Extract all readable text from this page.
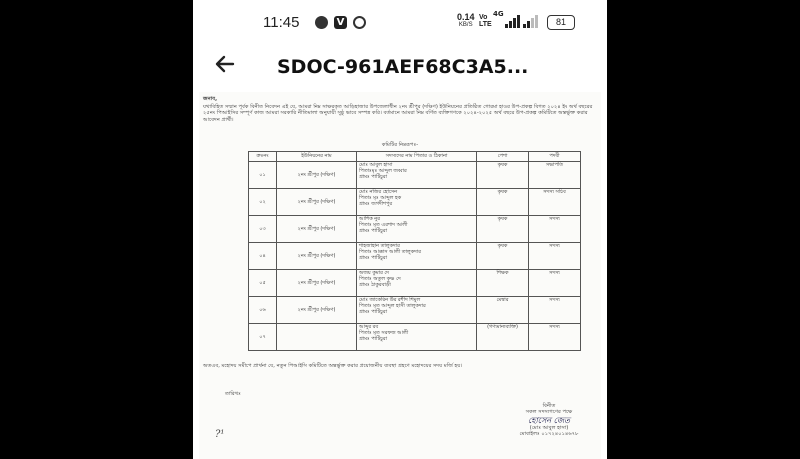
11:45	V	0.14
KB/S
Vo LTE
4G
81
SDOC-961AEF68C3A5...

জনাব,

যথাবিহিত সম্মান পূর্বক বিনীত নিবেদন এই যে, আমরা নিম্ন সাক্ষরকৃত আড়িহাজার উপজেলাধীন ২নং শ্রীপুর (দক্ষিণ) ইউনিয়নের প্রতিষ্ঠিত গোরমা হাওর উপ-প্রকল্প বিগত ২০২৪ ইং অর্থ বছরের ২৫নং পিআইসির সম্পূর্ণ কাজ আমরা সরকারি নীতিমালা অনুযায়ী সুষ্ঠু ভাবে সম্পন্ন করি। বর্তমানে আমরা নিম্ন বর্ণিত ব্যক্তিগণকে ২০২৪-২০২৫ অর্থ বছরে উপ-প্রকল্প কমিটিতে অন্তর্ভুক্ত করার আবেদন প্রার্থী।

কমিটির নিম্নরূপঃ-

ক্রঃনং	ইউনিয়নের নাম	সদস্যদের নাম পিতার ও ঠিকানা	পেশা	পদবী
০১	২নং শ্রীপুর (দক্ষিণ)	মোঃ আবুল হাসা
পিতাঃমৃঃ আব্দুল জব্বার
গ্রামঃ পাটিচুরা	কৃষক	সভাপতি
০২	২নং শ্রীপুর (দক্ষিণ)	মোঃ নজির হোসেন
পিতাঃ মৃঃ আব্দুল হক
গ্রামঃ জগদীশপুর	কৃষক	সদস্য সচিব
০৩	২নং শ্রীপুর (দক্ষিণ)	আশিক নুর
পিতাঃ মৃত এরশাদ আলী
গ্রামঃ পাটিচুরা	কৃষক	সদস্য
০৪	২নং শ্রীপুর (দক্ষিণ)	শাহজাহান তালুকদার
পিতাঃ আক্কাস আলী তালুকদার
গ্রামঃ পাটিচুরা	কৃষক	সদস্য
০৫	২নং শ্রীপুর (দক্ষিণ)	অজয় কুমার দে
পিতাঃ অতুল কৃষ্ণ দে
গ্রামঃ ঠাকুরবাড়ী	শিক্ষক	সদস্য
০৬	২নং শ্রীপুর (দক্ষিণ)	মোঃ জাকেরিন উর রশীদ শিমুল
পিতাঃ মৃত আব্দুল হাসী তালুকদার
গ্রামঃ পাটিচুরা	মেম্বার	সদস্য
০৭		আব্দুর রব
পিতাঃ মৃত সরফজ আলী
গ্রামঃ পাটিচুরা	(গণ্যমান্যব্যক্তি)	সদস্য

অতএব, মহোদয় সমীপে প্রার্থনা যে, নতুন পিআইসি কমিটিতে অন্তর্ভুক্ত করার প্রয়োজনীয় ব্যবস্থা গ্রহণে মহোদয়ের সদয় মর্জি হয়।

তারিখঃ

বিনীত
সকল সদস্যগণের পক্ষে
হোসেন জেত
(মোঃ আবুল হাসা)
মোবাইলঃ ০১৭২৪০১৪৬৭৮
?¹
